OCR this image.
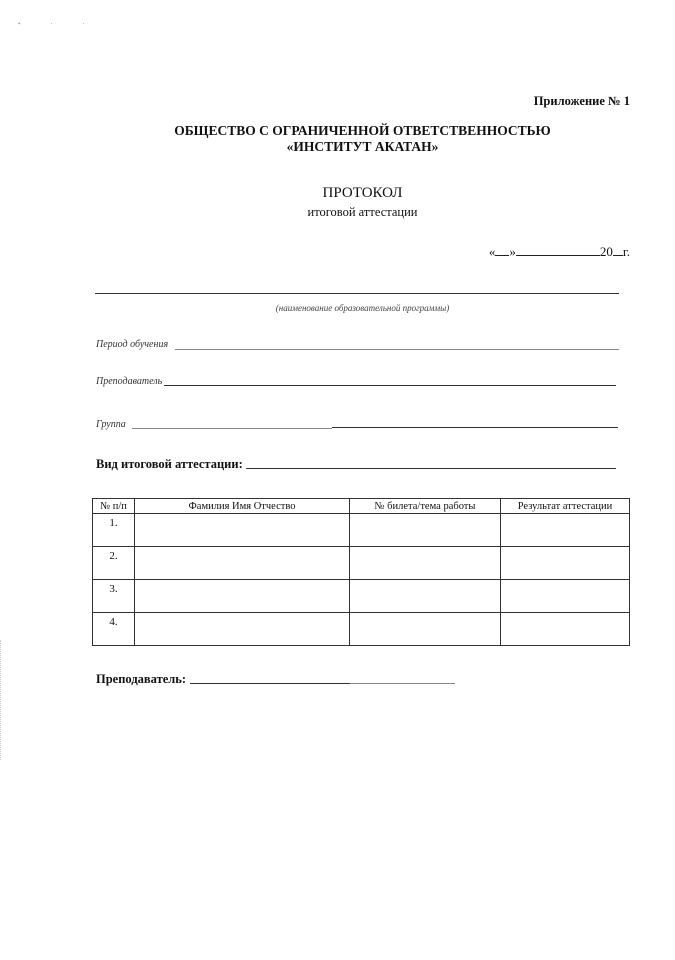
• · ·
Приложение № 1
ОБЩЕСТВО С ОГРАНИЧЕННОЙ ОТВЕТСТВЕННОСТЬЮ
«ИНСТИТУТ АКАТАН»
ПРОТОКОЛ
итоговой аттестации
« »	20 г.
(наименование образовательной программы)
Период обучения
Преподаватель
Группа
Вид итоговой аттестации:
№ п/п	Фамилия Имя Отчество	№ билета/тема работы	Результат аттестации
1.			
2.			
3.			
4.			
Преподаватель:
